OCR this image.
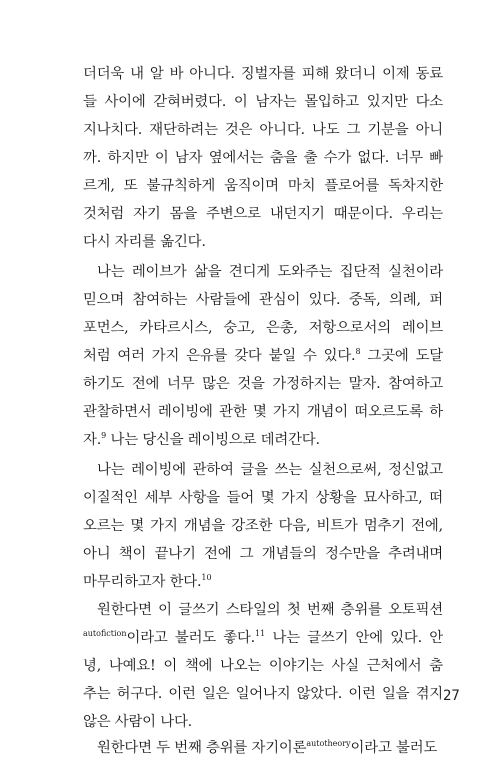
더더욱 내 알 바 아니다. 징벌자를 피해 왔더니 이제 동료
들 사이에 갇혀버렸다. 이 남자는 몰입하고 있지만 다소
지나치다. 재단하려는 것은 아니다. 나도 그 기분을 아니
까. 하지만 이 남자 옆에서는 춤을 출 수가 없다. 너무 빠
르게, 또 불규칙하게 움직이며 마치 플로어를 독차지한
것처럼 자기 몸을 주변으로 내던지기 때문이다. 우리는
다시 자리를 옮긴다.
나는 레이브가 삶을 견디게 도와주는 집단적 실천이라
믿으며 참여하는 사람들에 관심이 있다. 중독, 의례, 퍼
포먼스, 카타르시스, 숭고, 은총, 저항으로서의 레이브
처럼 여러 가지 은유를 갖다 붙일 수 있다.$^8$ 그곳에 도달
하기도 전에 너무 많은 것을 가정하지는 말자. 참여하고
관찰하면서 레이빙에 관한 몇 가지 개념이 떠오르도록 하
자.$^9$ 나는 당신을 레이빙으로 데려간다.
나는 레이빙에 관하여 글을 쓰는 실천으로써, 정신없고
이질적인 세부 사항을 들어 몇 가지 상황을 묘사하고, 떠
오르는 몇 가지 개념을 강조한 다음, 비트가 멈추기 전에,
아니 책이 끝나기 전에 그 개념들의 정수만을 추려내며
마무리하고자 한다.$^{10}$
원한다면 이 글쓰기 스타일의 첫 번째 층위를 오토픽션
$^{autofiction}$이라고 불러도 좋다.$^{11}$ 나는 글쓰기 안에 있다. 안
녕, 나예요! 이 책에 나오는 이야기는 사실 근처에서 춤
추는 허구다. 이런 일은 일어나지 않았다. 이런 일을 겪지
않은 사람이 나다.
원한다면 두 번째 층위를 자기이론$^{autotheory}$이라고 불러도
27
